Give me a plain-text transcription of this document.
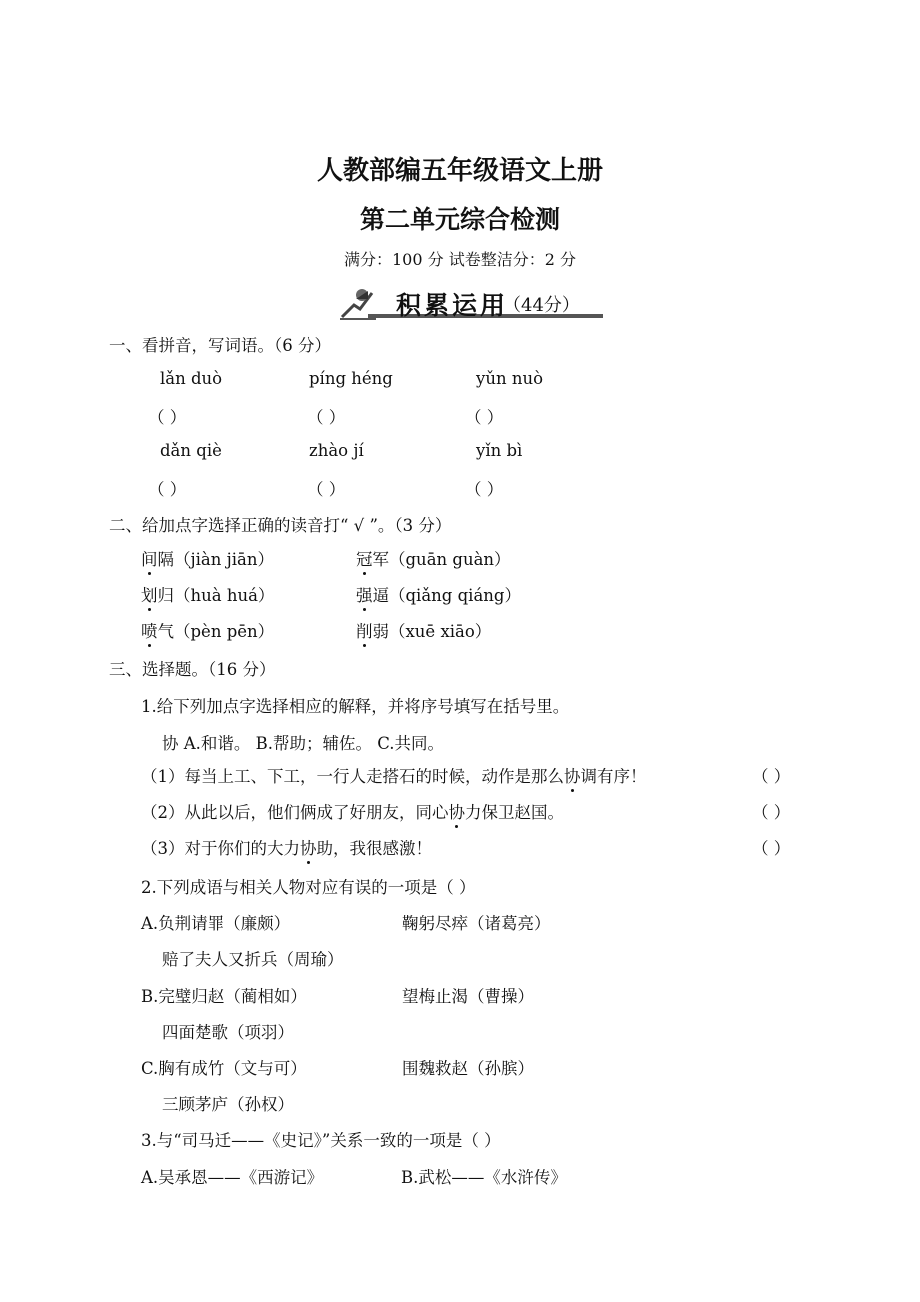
人教部编五年级语文上册
第二单元综合检测
满分：100 分 试卷整洁分：2 分
积累运用
（44分）
一、看拼音，写词语。（6 分）
lǎn duò	píng héng	yǔn nuò
（ ）	（ ）	（ ）
dǎn qiè	zhào jí	yǐn bì
（ ）	（ ）	（ ）
二、给加点字选择正确的读音打“ √ ”。（3 分）
间隔（jiàn jiān）	冠军（guān guàn）
划归（huà huá）	强逼（qiǎng qiáng）
喷气（pèn pēn）	削弱（xuē xiāo）
三、选择题。（16 分）
1.给下列加点字选择相应的解释，并将序号填写在括号里。
协 A.和谐。 B.帮助；辅佐。 C.共同。
（1）每当上工、下工，一行人走搭石的时候，动作是那么协调有序！	（ ）
（2）从此以后，他们俩成了好朋友，同心协力保卫赵国。	（ ）
（3）对于你们的大力协助，我很感激！	（ ）
2.下列成语与相关人物对应有误的一项是（ ）
A.负荆请罪（廉颇）	鞠躬尽瘁（诸葛亮）
赔了夫人又折兵（周瑜）
B.完璧归赵（蔺相如）	望梅止渴（曹操）
四面楚歌（项羽）
C.胸有成竹（文与可）	围魏救赵（孙膑）
三顾茅庐（孙权）
3.与“司马迁——《史记》”关系一致的一项是（ ）
A.吴承恩——《西游记》	B.武松——《水浒传》
